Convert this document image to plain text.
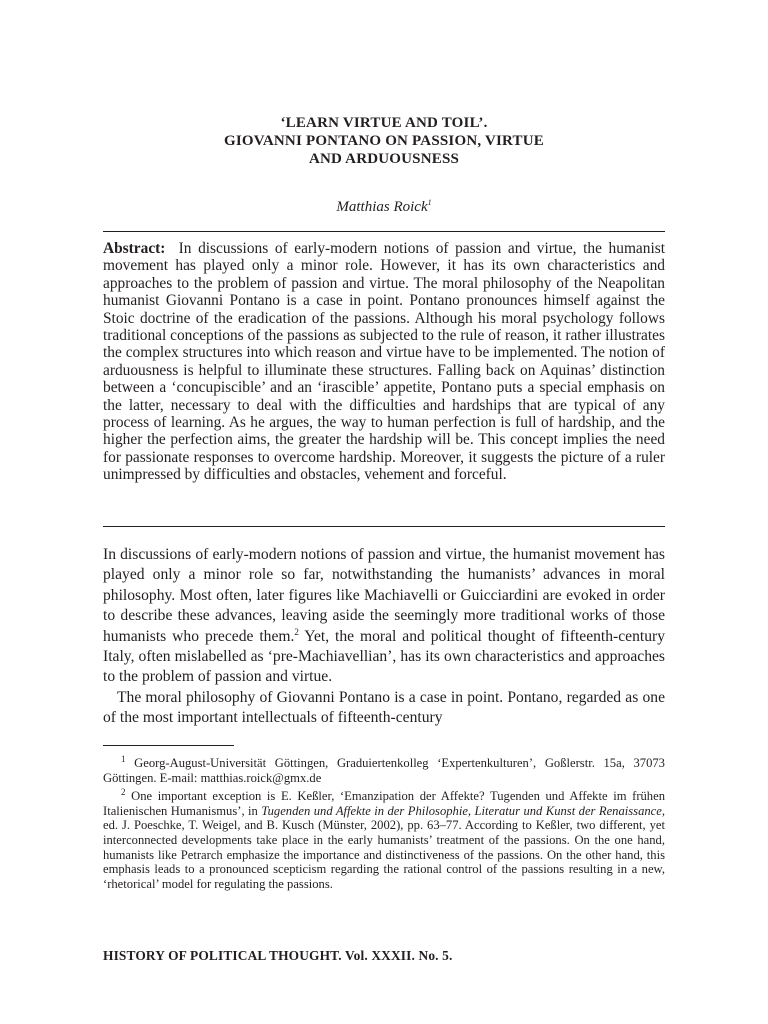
‘LEARN VIRTUE AND TOIL’.
GIOVANNI PONTANO ON PASSION, VIRTUE
AND ARDUOUSNESS
Matthias Roick$^1$
Abstract: In discussions of early-modern notions of passion and virtue, the humanist movement has played only a minor role. However, it has its own characteristics and approaches to the problem of passion and virtue. The moral philosophy of the Neapolitan humanist Giovanni Pontano is a case in point. Pontano pronounces himself against the Stoic doctrine of the eradication of the passions. Although his moral psychology follows traditional conceptions of the passions as subjected to the rule of reason, it rather illustrates the complex structures into which reason and virtue have to be implemented. The notion of arduousness is helpful to illuminate these structures. Falling back on Aquinas’ distinction between a ‘concupiscible’ and an ‘irascible’ appetite, Pontano puts a special emphasis on the latter, necessary to deal with the difficulties and hardships that are typical of any process of learning. As he argues, the way to human perfection is full of hardship, and the higher the perfection aims, the greater the hardship will be. This concept implies the need for passionate responses to overcome hardship. Moreover, it suggests the picture of a ruler unimpressed by difficulties and obstacles, vehement and forceful.

In discussions of early-modern notions of passion and virtue, the humanist movement has played only a minor role so far, notwithstanding the humanists’ advances in moral philosophy. Most often, later figures like Machiavelli or Guicciardini are evoked in order to describe these advances, leaving aside the seemingly more traditional works of those humanists who precede them.$^2$ Yet, the moral and political thought of fifteenth-century Italy, often mislabelled as ‘pre-Machiavellian’, has its own characteristics and approaches to the problem of passion and virtue.

The moral philosophy of Giovanni Pontano is a case in point. Pontano, regarded as one of the most important intellectuals of fifteenth-century

$^1$ Georg-August-Universität Göttingen, Graduiertenkolleg ‘Expertenkulturen’, Goßlerstr. 15a, 37073 Göttingen. E-mail: matthias.roick@gmx.de

$^2$ One important exception is E. Keßler, ‘Emanzipation der Affekte? Tugenden und Affekte im frühen Italienischen Humanismus’, in Tugenden und Affekte in der Philosophie, Literatur und Kunst der Renaissance, ed. J. Poeschke, T. Weigel, and B. Kusch (Münster, 2002), pp. 63–77. According to Keßler, two different, yet interconnected developments take place in the early humanists’ treatment of the passions. On the one hand, humanists like Petrarch emphasize the importance and distinctiveness of the passions. On the other hand, this emphasis leads to a pronounced scepticism regarding the rational control of the passions resulting in a new, ‘rhetorical’ model for regulating the passions.

HISTORY OF POLITICAL THOUGHT. Vol. XXXII. No. 5.
